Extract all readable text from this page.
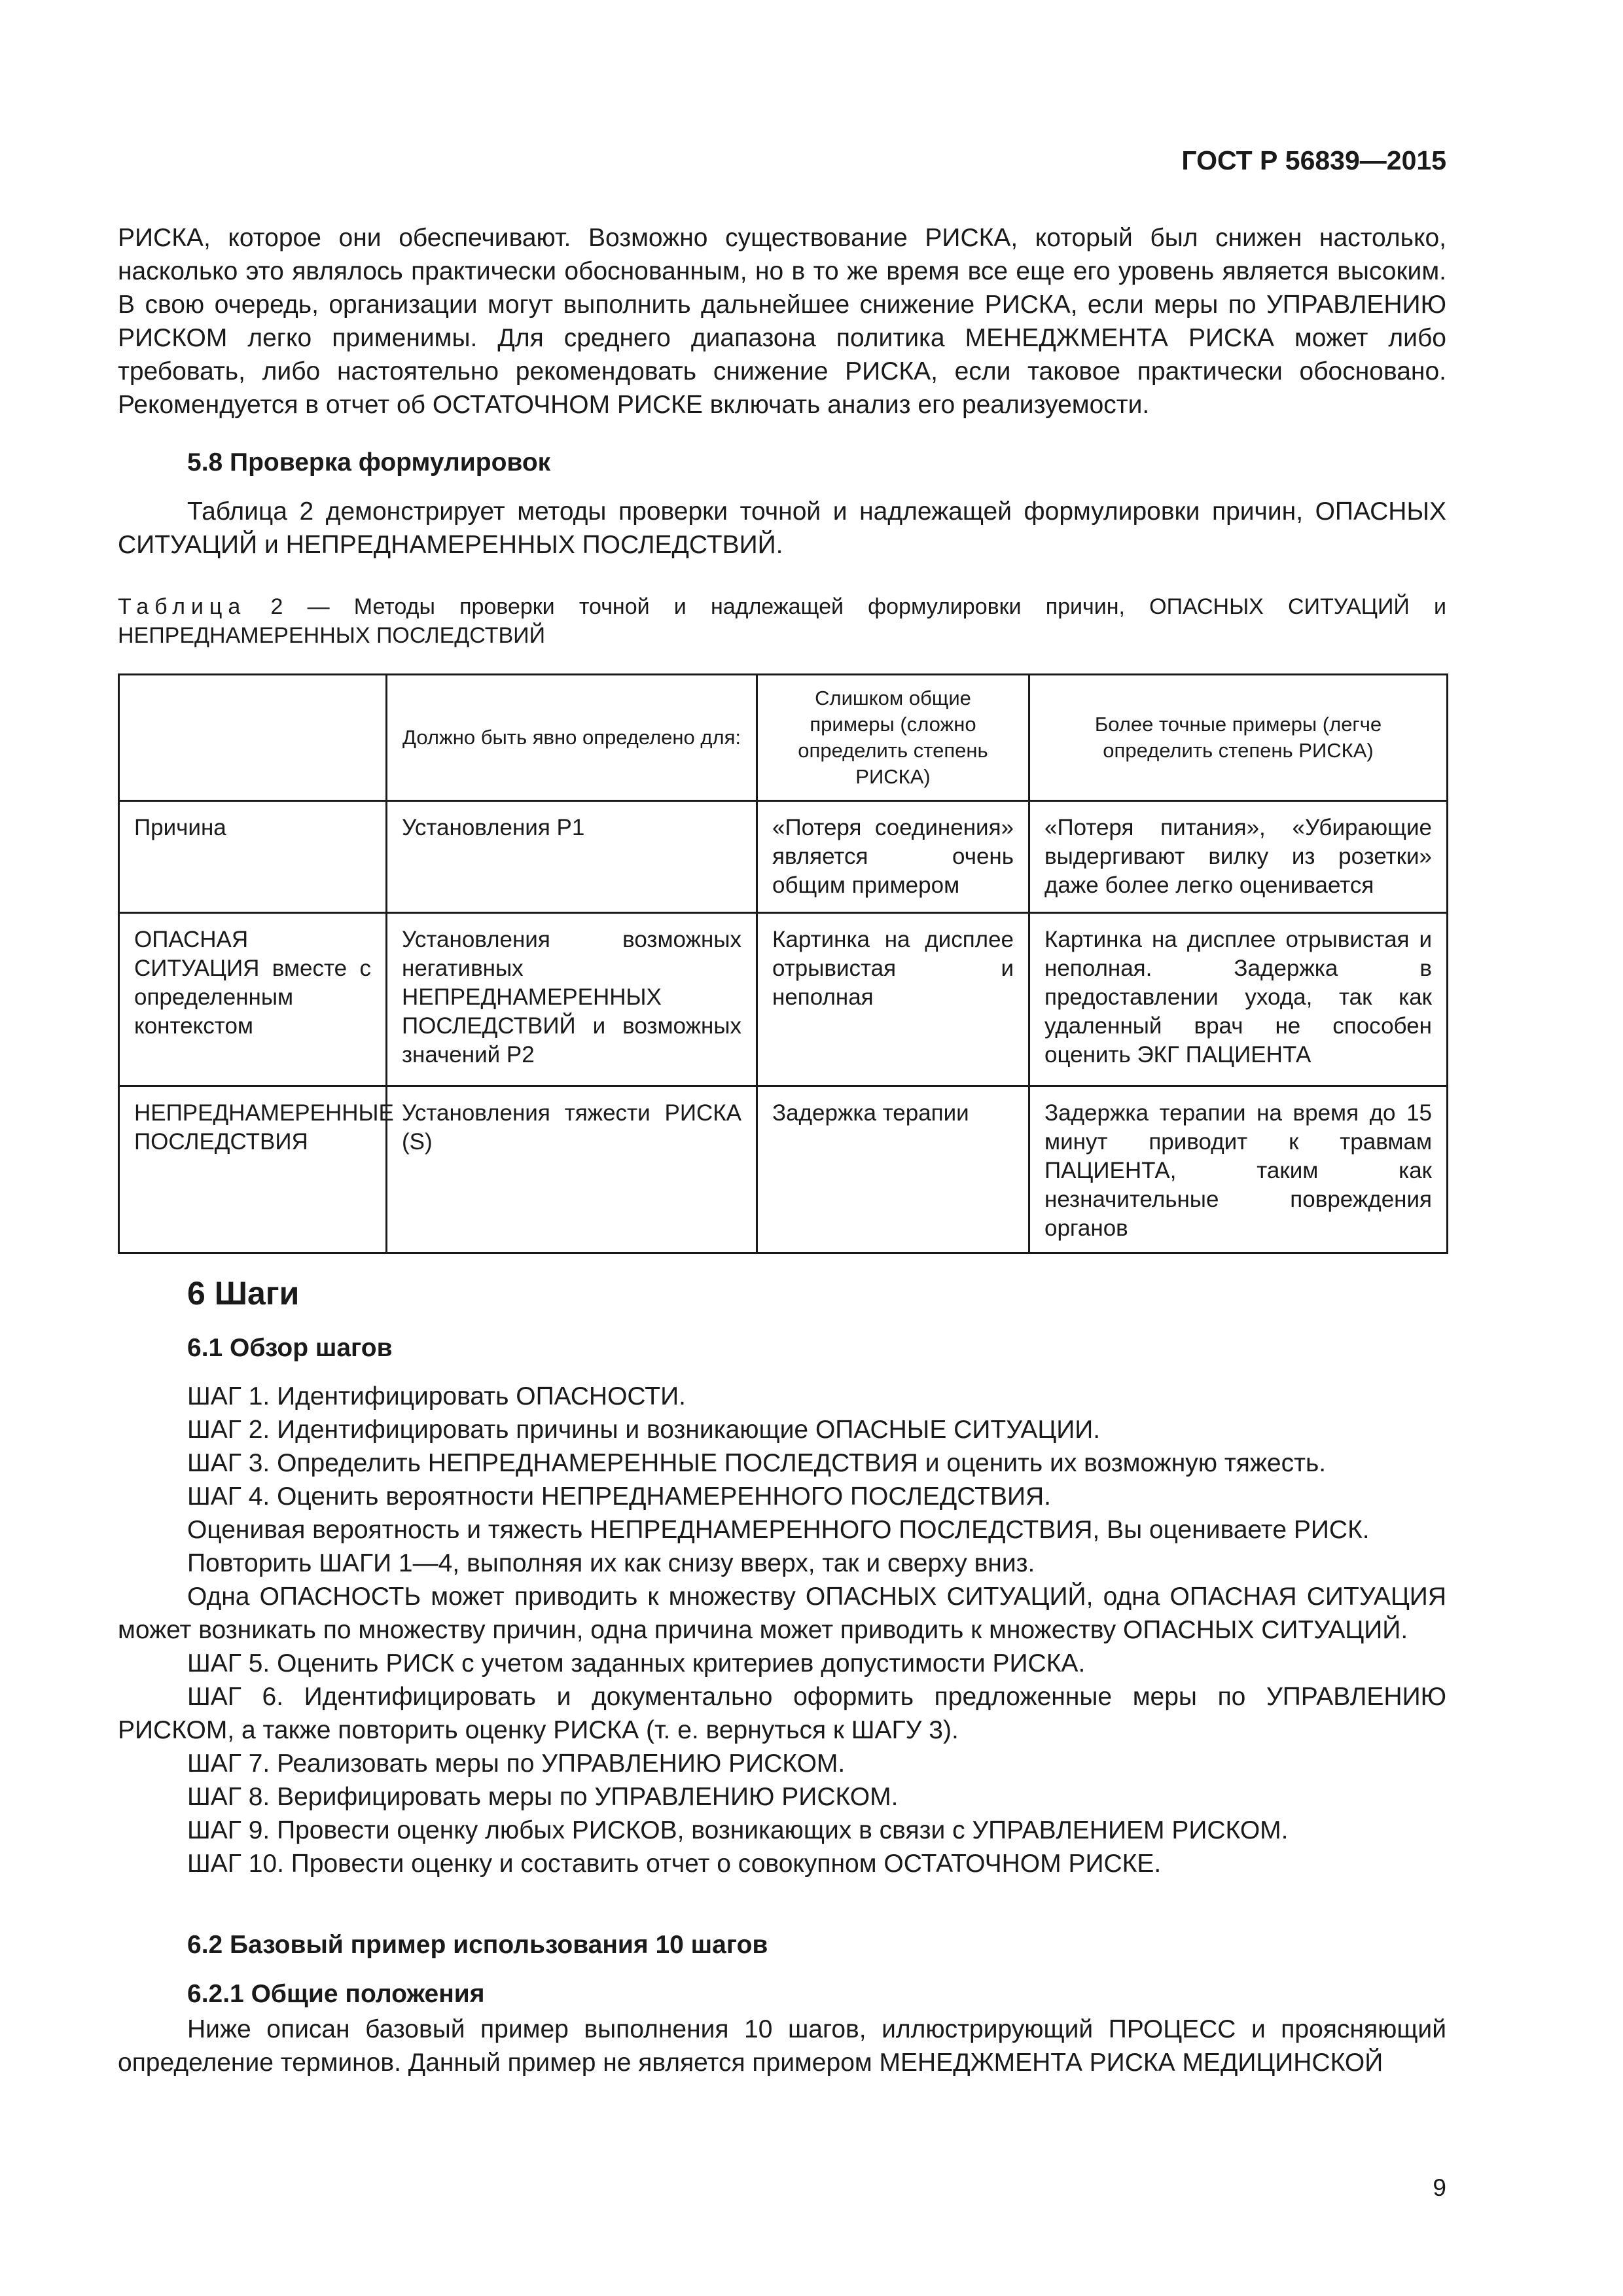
ГОСТ Р 56839—2015

РИСКА, которое они обеспечивают. Возможно существование РИСКА, который был снижен настолько, насколько это являлось практически обоснованным, но в то же время все еще его уровень является высоким. В свою очередь, организации могут выполнить дальнейшее снижение РИСКА, если меры по УПРАВЛЕНИЮ РИСКОМ легко применимы. Для среднего диапазона политика МЕНЕДЖМЕНТА РИСКА может либо требовать, либо настоятельно рекомендовать снижение РИСКА, если таковое практически обосновано. Рекомендуется в отчет об ОСТАТОЧНОМ РИСКЕ включать анализ его реализуемости.

5.8 Проверка формулировок

Таблица 2 демонстрирует методы проверки точной и надлежащей формулировки причин, ОПАСНЫХ СИТУАЦИЙ и НЕПРЕДНАМЕРЕННЫХ ПОСЛЕДСТВИЙ.

Таблица 2 — Методы проверки точной и надлежащей формулировки причин, ОПАСНЫХ СИТУАЦИЙ и НЕПРЕДНАМЕРЕННЫХ ПОСЛЕДСТВИЙ

	Должно быть явно определено для:	Слишком общие примеры (сложно определить степень РИСКА)	Более точные примеры (легче определить степень РИСКА)
Причина	Установления P1	«Потеря соединения» является очень общим примером	«Потеря питания», «Убирающие выдергивают вилку из розетки» даже более легко оценивается
ОПАСНАЯ СИТУАЦИЯ вместе с определенным контекстом	Установления возможных негативных НЕПРЕДНАМЕРЕННЫХ ПОСЛЕДСТВИЙ и возможных значений P2	Картинка на дисплее отрывистая и неполная	Картинка на дисплее отрывистая и неполная. Задержка в предоставлении ухода, так как удаленный врач не способен оценить ЭКГ ПАЦИЕНТА
НЕПРЕДНАМЕРЕННЫЕ ПОСЛЕДСТВИЯ	Установления тяжести РИСКА (S)	Задержка терапии	Задержка терапии на время до 15 минут приводит к травмам ПАЦИЕНТА, таким как незначительные повреждения органов
6 Шаги
6.1 Обзор шагов
ШАГ 1. Идентифицировать ОПАСНОСТИ.
ШАГ 2. Идентифицировать причины и возникающие ОПАСНЫЕ СИТУАЦИИ.
ШАГ 3. Определить НЕПРЕДНАМЕРЕННЫЕ ПОСЛЕДСТВИЯ и оценить их возможную тяжесть.
ШАГ 4. Оценить вероятности НЕПРЕДНАМЕРЕННОГО ПОСЛЕДСТВИЯ.
Оценивая вероятность и тяжесть НЕПРЕДНАМЕРЕННОГО ПОСЛЕДСТВИЯ, Вы оцениваете РИСК.
Повторить ШАГИ 1—4, выполняя их как снизу вверх, так и сверху вниз.
Одна ОПАСНОСТЬ может приводить к множеству ОПАСНЫХ СИТУАЦИЙ, одна ОПАСНАЯ СИТУАЦИЯ может возникать по множеству причин, одна причина может приводить к множеству ОПАСНЫХ СИТУАЦИЙ.
ШАГ 5. Оценить РИСК с учетом заданных критериев допустимости РИСКА.
ШАГ 6. Идентифицировать и документально оформить предложенные меры по УПРАВЛЕНИЮ РИСКОМ, а также повторить оценку РИСКА (т. е. вернуться к ШАГУ 3).
ШАГ 7. Реализовать меры по УПРАВЛЕНИЮ РИСКОМ.
ШАГ 8. Верифицировать меры по УПРАВЛЕНИЮ РИСКОМ.
ШАГ 9. Провести оценку любых РИСКОВ, возникающих в связи с УПРАВЛЕНИЕМ РИСКОМ.
ШАГ 10. Провести оценку и составить отчет о совокупном ОСТАТОЧНОМ РИСКЕ.
6.2 Базовый пример использования 10 шагов
6.2.1 Общие положения

Ниже описан базовый пример выполнения 10 шагов, иллюстрирующий ПРОЦЕСС и проясняющий определение терминов. Данный пример не является примером МЕНЕДЖМЕНТА РИСКА МЕДИЦИНСКОЙ

9
